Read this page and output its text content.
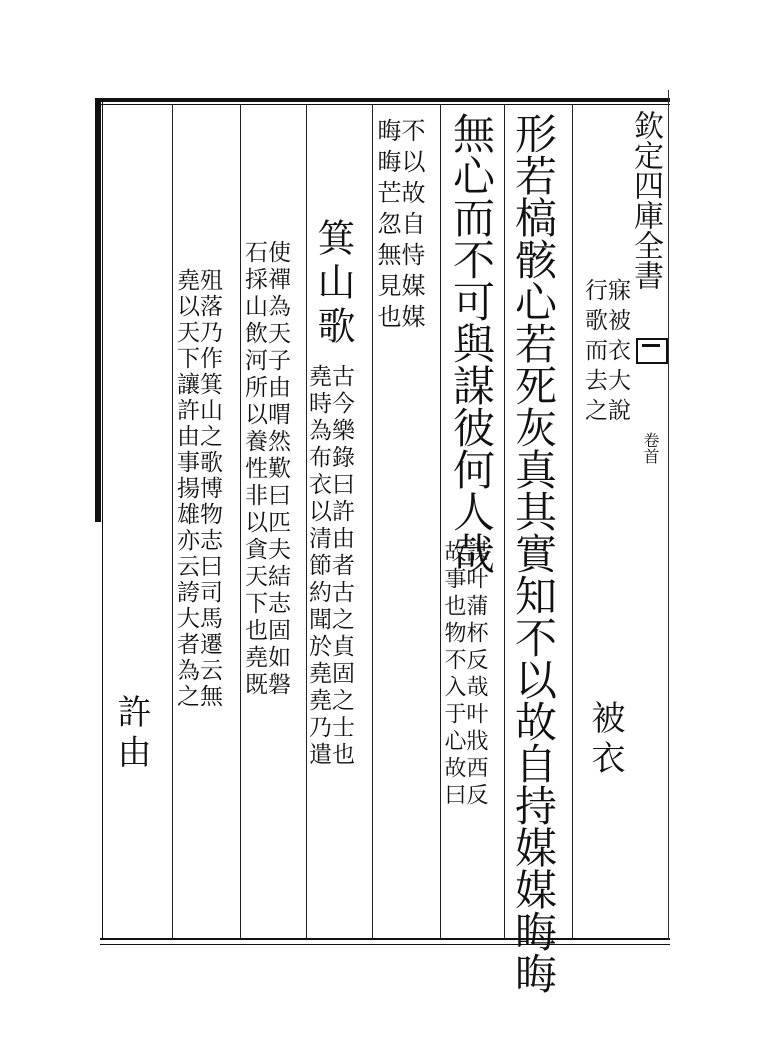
欽定四庫全書
卷首
寐被衣大說
行歌而去之
被衣
形若槁骸心若死灰真其實知不以故自持媒媒晦晦
無心而不可與謀彼何人哉
謀叶蒲杯反哉叶戕西反
故事也物不入于心故曰
不以故自恃媒媒
晦晦芒忽無見也
箕山歌
古今樂錄曰許由者古之貞固之士也
堯時為布衣以清節約聞於堯堯乃遣
使禪為天子由喟然歎曰匹夫結志固如磐
石採山飲河所以養性非以貪天下也堯既
殂落乃作箕山之歌博物志曰司馬遷云無
堯以天下讓許由事揚雄亦云誇大者為之
許由
